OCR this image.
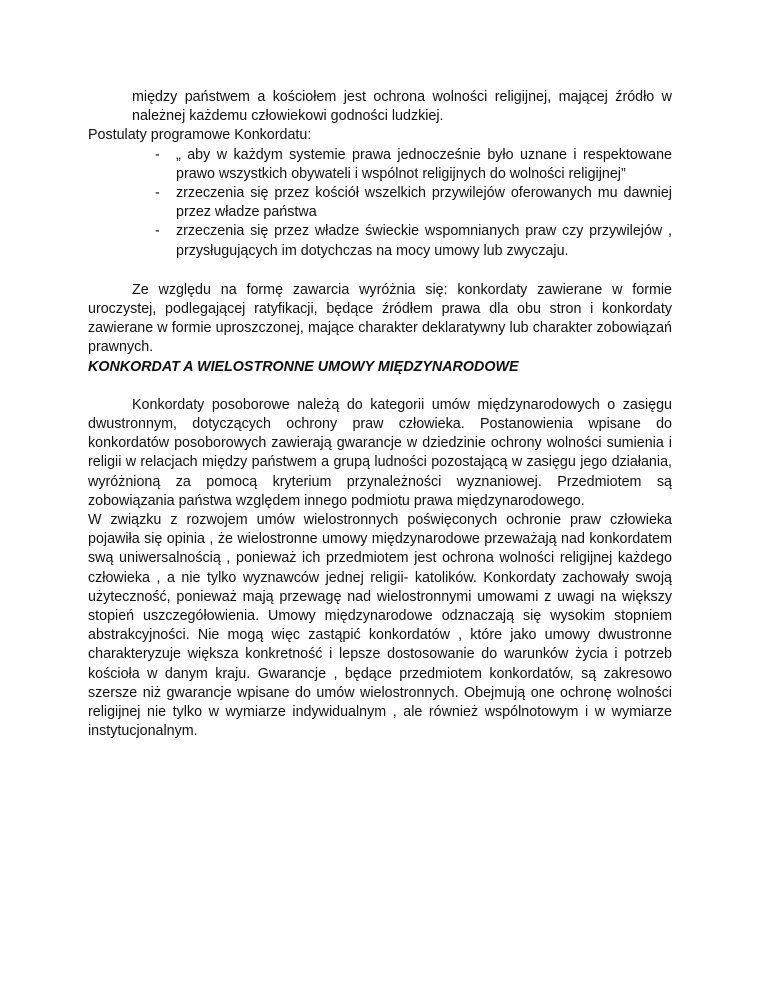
między państwem a kościołem jest ochrona wolności religijnej, mającej źródło w należnej każdemu człowiekowi godności ludzkiej.

Postulaty programowe Konkordatu:

- „ aby w każdym systemie prawa jednocześnie było uznane i respektowane prawo wszystkich obywateli i wspólnot religijnych do wolności religijnej”
- zrzeczenia się przez kościół wszelkich przywilejów oferowanych mu dawniej przez władze państwa
- zrzeczenia się przez władze świeckie wspomnianych praw czy przywilejów , przysługujących im dotychczas na mocy umowy lub zwyczaju.

Ze względu na formę zawarcia wyróżnia się: konkordaty zawierane w formie uroczystej, podlegającej ratyfikacji, będące źródłem prawa dla obu stron i konkordaty zawierane w formie uproszczonej, mające charakter deklaratywny lub charakter zobowiązań prawnych.

KONKORDAT A WIELOSTRONNE UMOWY MIĘDZYNARODOWE

Konkordaty posoborowe należą do kategorii umów międzynarodowych o zasięgu dwustronnym, dotyczących ochrony praw człowieka. Postanowienia wpisane do konkordatów posoborowych zawierają gwarancje w dziedzinie ochrony wolności sumienia i religii w relacjach między państwem a grupą ludności pozostającą w zasięgu jego działania, wyróżnioną za pomocą kryterium przynależności wyznaniowej. Przedmiotem są zobowiązania państwa względem innego podmiotu prawa międzynarodowego.

W związku z rozwojem umów wielostronnych poświęconych ochronie praw człowieka pojawiła się opinia , że wielostronne umowy międzynarodowe przeważają nad konkordatem swą uniwersalnością , ponieważ ich przedmiotem jest ochrona wolności religijnej każdego człowieka , a nie tylko wyznawców jednej religii- katolików. Konkordaty zachowały swoją użyteczność, ponieważ mają przewagę nad wielostronnymi umowami z uwagi na większy stopień uszczegółowienia. Umowy międzynarodowe odznaczają się wysokim stopniem abstrakcyjności. Nie mogą więc zastąpić konkordatów , które jako umowy dwustronne charakteryzuje większa konkretność i lepsze dostosowanie do warunków życia i potrzeb kościoła w danym kraju. Gwarancje , będące przedmiotem konkordatów, są zakresowo szersze niż gwarancje wpisane do umów wielostronnych. Obejmują one ochronę wolności religijnej nie tylko w wymiarze indywidualnym , ale również wspólnotowym i w wymiarze instytucjonalnym.
